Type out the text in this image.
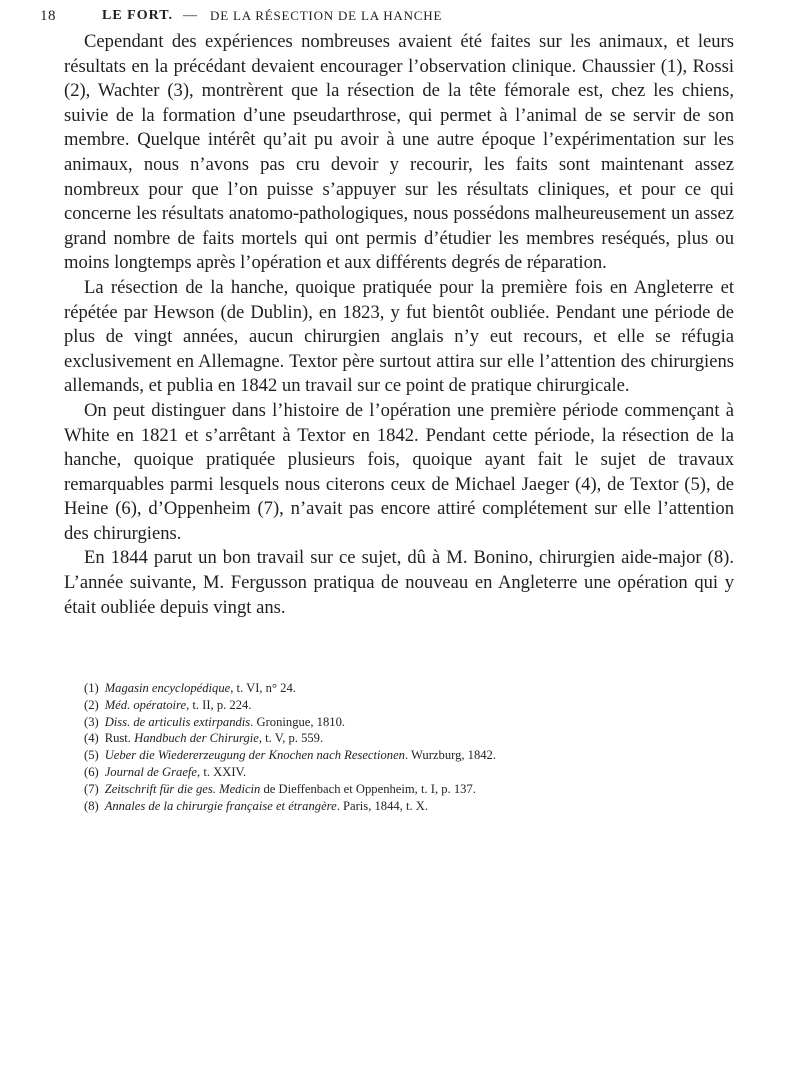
18	LE FORT. — DE LA RÉSECTION DE LA HANCHE

Cependant des expériences nombreuses avaient été faites sur les animaux, et leurs résultats en la précédant devaient encourager l’observation clinique. Chaussier (1), Rossi (2), Wachter (3), montrèrent que la résection de la tête fémorale est, chez les chiens, suivie de la formation d’une pseudarthrose, qui permet à l’animal de se servir de son membre. Quelque intérêt qu’ait pu avoir à une autre époque l’expérimentation sur les animaux, nous n’avons pas cru devoir y recourir, les faits sont maintenant assez nombreux pour que l’on puisse s’appuyer sur les résultats cliniques, et pour ce qui concerne les résultats anatomo-pathologiques, nous possédons malheureusement un assez grand nombre de faits mortels qui ont permis d’étudier les membres reséqués, plus ou moins longtemps après l’opération et aux différents degrés de réparation.

La résection de la hanche, quoique pratiquée pour la première fois en Angleterre et répétée par Hewson (de Dublin), en 1823, y fut bientôt oubliée. Pendant une période de plus de vingt années, aucun chirurgien anglais n’y eut recours, et elle se réfugia exclusivement en Allemagne. Textor père surtout attira sur elle l’attention des chirurgiens allemands, et publia en 1842 un travail sur ce point de pratique chirurgicale.

On peut distinguer dans l’histoire de l’opération une première période commençant à White en 1821 et s’arrêtant à Textor en 1842. Pendant cette période, la résection de la hanche, quoique pratiquée plusieurs fois, quoique ayant fait le sujet de travaux remarquables parmi lesquels nous citerons ceux de Michael Jaeger (4), de Textor (5), de Heine (6), d’Oppenheim (7), n’avait pas encore attiré complétement sur elle l’attention des chirurgiens.

En 1844 parut un bon travail sur ce sujet, dû à M. Bonino, chirurgien aide-major (8). L’année suivante, M. Fergusson pratiqua de nouveau en Angleterre une opération qui y était oubliée depuis vingt ans.

(1) Magasin encyclopédique, t. VI, n° 24.

(2) Méd. opératoire, t. II, p. 224.

(3) Diss. de articulis extirpandis. Groningue, 1810.

(4) Rust. Handbuch der Chirurgie, t. V, p. 559.

(5) Ueber die Wiedererzeugung der Knochen nach Resectionen. Wurzburg, 1842.

(6) Journal de Graefe, t. XXIV.

(7) Zeitschrift für die ges. Medicin de Dieffenbach et Oppenheim, t. I, p. 137.

(8) Annales de la chirurgie française et étrangère. Paris, 1844, t. X.
